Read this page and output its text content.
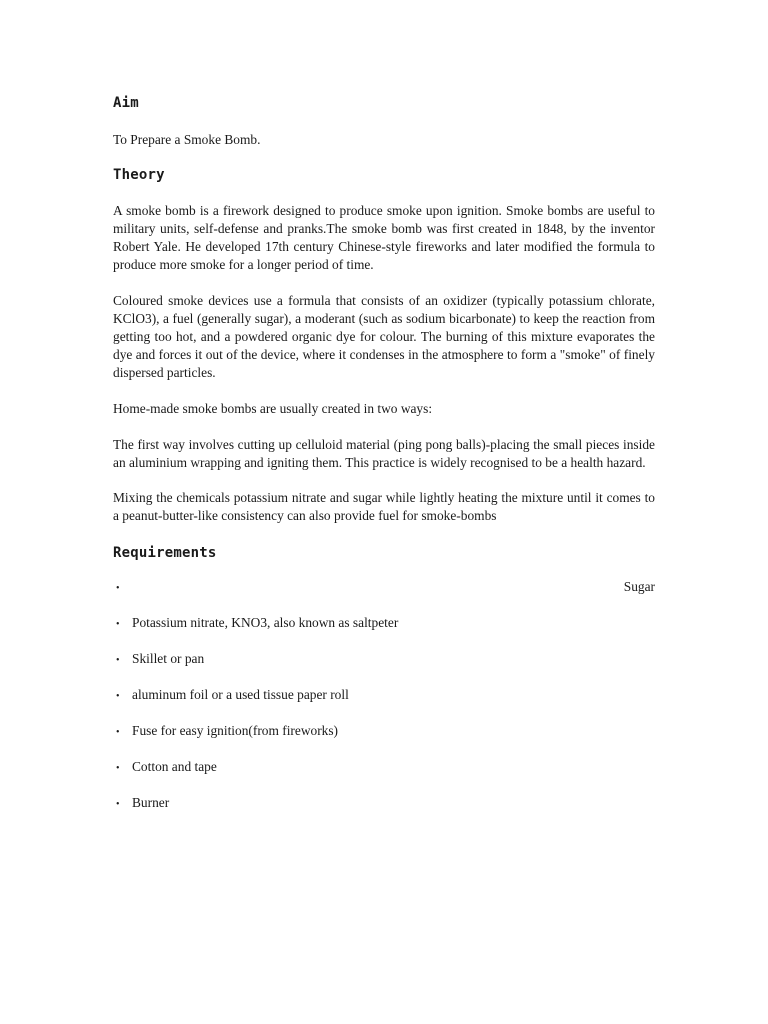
Aim

To Prepare a Smoke Bomb.

Theory

A smoke bomb is a firework designed to produce smoke upon ignition. Smoke bombs are useful to military units, self-defense and pranks.The smoke bomb was first created in 1848, by the inventor Robert Yale. He developed 17th century Chinese-style fireworks and later modified the formula to produce more smoke for a longer period of time.

Coloured smoke devices use a formula that consists of an oxidizer (typically potassium chlorate, KClO3), a fuel (generally sugar), a moderant (such as sodium bicarbonate) to keep the reaction from getting too hot, and a powdered organic dye for colour. The burning of this mixture evaporates the dye and forces it out of the device, where it condenses in the atmosphere to form a "smoke" of finely dispersed particles.

Home-made smoke bombs are usually created in two ways:

The first way involves cutting up celluloid material (ping pong balls)-placing the small pieces inside an aluminium wrapping and igniting them. This practice is widely recognised to be a health hazard.

Mixing the chemicals potassium nitrate and sugar while lightly heating the mixture until it comes to a peanut-butter-like consistency can also provide fuel for smoke-bombs

Requirements
•	Sugar
• Potassium nitrate, KNO3, also known as saltpeter
• Skillet or pan
• aluminum foil or a used tissue paper roll
• Fuse for easy ignition(from fireworks)
• Cotton and tape
• Burner
